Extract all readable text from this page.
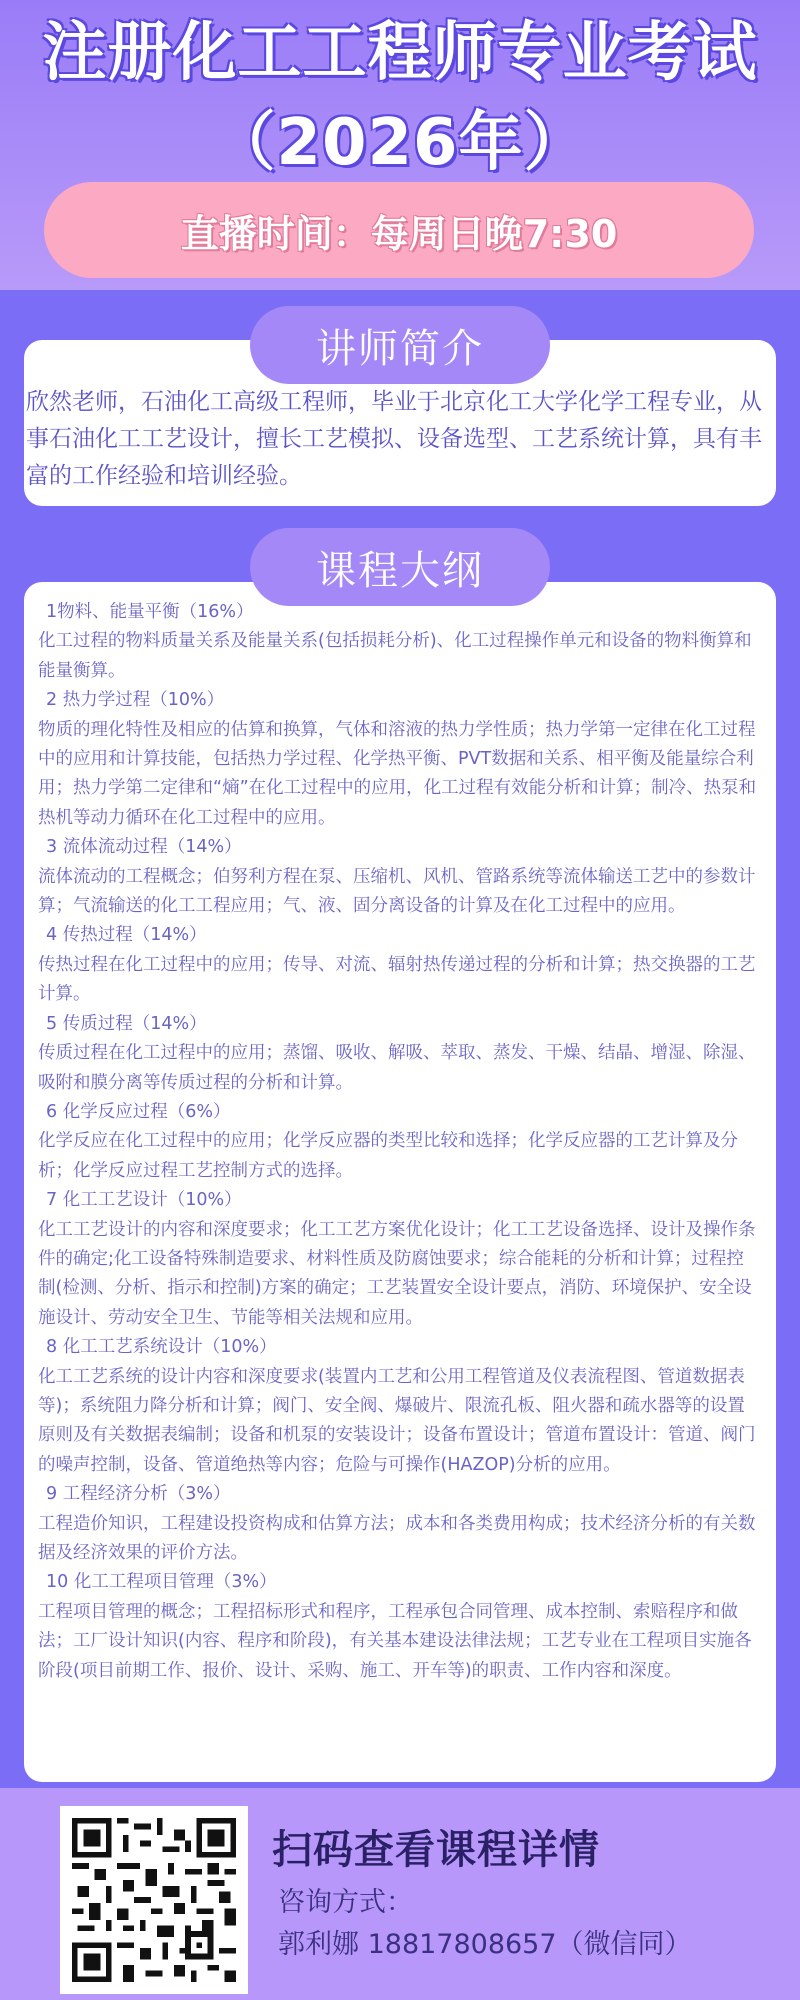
注册化工工程师专业考试
（2026年）
直播时间：每周日晚7:30
讲师简介
欣然老师，石油化工高级工程师，毕业于北京化工大学化学工程专业，从事石油化工工艺设计，擅长工艺模拟、设备选型、工艺系统计算，具有丰富的工作经验和培训经验。
课程大纲
1物料、能量平衡（16%）
化工过程的物料质量关系及能量关系(包括损耗分析)、化工过程操作单元和设备的物料衡算和能量衡算。
2 热力学过程（10%）
物质的理化特性及相应的估算和换算，气体和溶液的热力学性质；热力学第一定律在化工过程中的应用和计算技能，包括热力学过程、化学热平衡、PVT数据和关系、相平衡及能量综合利用；热力学第二定律和“熵”在化工过程中的应用，化工过程有效能分析和计算；制冷、热泵和热机等动力循环在化工过程中的应用。
3 流体流动过程（14%）
流体流动的工程概念；伯努利方程在泵、压缩机、风机、管路系统等流体输送工艺中的参数计算；气流输送的化工工程应用；气、液、固分离设备的计算及在化工过程中的应用。
4 传热过程（14%）
传热过程在化工过程中的应用；传导、对流、辐射热传递过程的分析和计算；热交换器的工艺计算。
5 传质过程（14%）
传质过程在化工过程中的应用；蒸馏、吸收、解吸、萃取、蒸发、干燥、结晶、增湿、除湿、吸附和膜分离等传质过程的分析和计算。
6 化学反应过程（6%）
化学反应在化工过程中的应用；化学反应器的类型比较和选择；化学反应器的工艺计算及分析；化学反应过程工艺控制方式的选择。
7 化工工艺设计（10%）
化工工艺设计的内容和深度要求；化工工艺方案优化设计；化工工艺设备选择、设计及操作条件的确定;化工设备特殊制造要求、材料性质及防腐蚀要求；综合能耗的分析和计算；过程控制(检测、分析、指示和控制)方案的确定；工艺装置安全设计要点，消防、环境保护、安全设施设计、劳动安全卫生、节能等相关法规和应用。
8 化工工艺系统设计（10%）
化工工艺系统的设计内容和深度要求(装置内工艺和公用工程管道及仪表流程图、管道数据表等)；系统阻力降分析和计算；阀门、安全阀、爆破片、限流孔板、阻火器和疏水器等的设置原则及有关数据表编制；设备和机泵的安装设计；设备布置设计；管道布置设计：管道、阀门的噪声控制，设备、管道绝热等内容；危险与可操作(HAZOP)分析的应用。
9 工程经济分析（3%）
工程造价知识，工程建设投资构成和估算方法；成本和各类费用构成；技术经济分析的有关数据及经济效果的评价方法。
10 化工工程项目管理（3%）
工程项目管理的概念；工程招标形式和程序，工程承包合同管理、成本控制、索赔程序和做法；工厂设计知识(内容、程序和阶段)，有关基本建设法律法规；工艺专业在工程项目实施各阶段(项目前期工作、报价、设计、采购、施工、开车等)的职责、工作内容和深度。
扫码查看课程详情
咨询方式：
郭利娜 18817808657（微信同）
